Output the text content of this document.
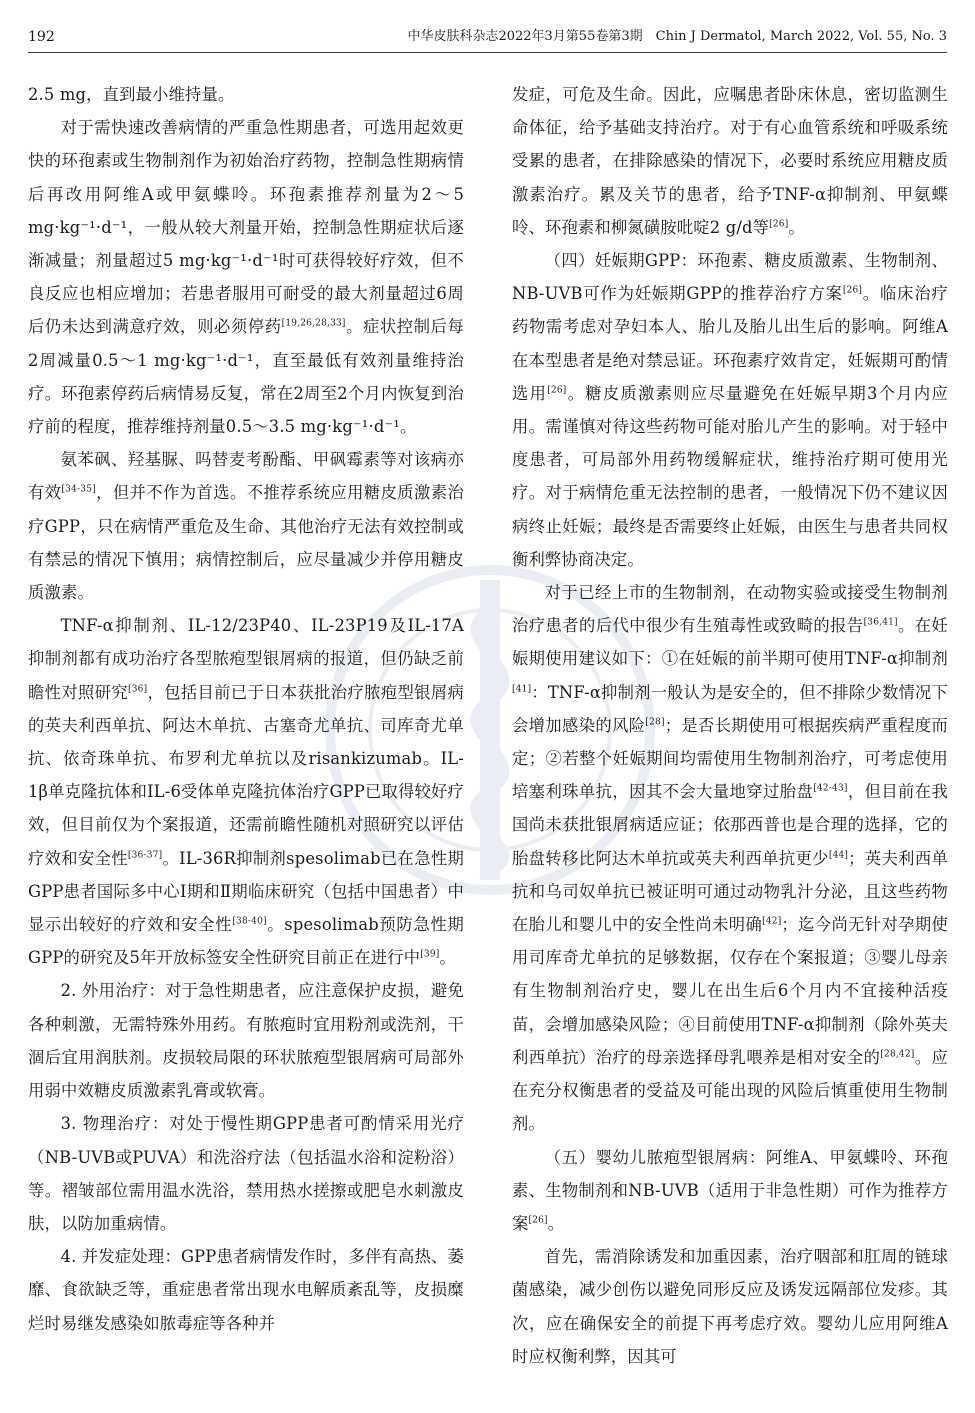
192	中华皮肤科杂志2022年3月第55卷第3期　Chin J Dermatol, March 2022, Vol. 55, No. 3

2.5 mg，直到最小维持量。

对于需快速改善病情的严重急性期患者，可选用起效更快的环孢素或生物制剂作为初始治疗药物，控制急性期病情后再改用阿维A或甲氨蝶呤。环孢素推荐剂量为2～5 mg·kg⁻¹·d⁻¹，一般从较大剂量开始，控制急性期症状后逐渐减量；剂量超过5 mg·kg⁻¹·d⁻¹时可获得较好疗效，但不良反应也相应增加；若患者服用可耐受的最大剂量超过6周后仍未达到满意疗效，则必须停药[19,26,28,33]。症状控制后每2周减量0.5～1 mg·kg⁻¹·d⁻¹，直至最低有效剂量维持治疗。环孢素停药后病情易反复，常在2周至2个月内恢复到治疗前的程度，推荐维持剂量0.5～3.5 mg·kg⁻¹·d⁻¹。

氨苯砜、羟基脲、吗替麦考酚酯、甲砜霉素等对该病亦有效[34-35]，但并不作为首选。不推荐系统应用糖皮质激素治疗GPP，只在病情严重危及生命、其他治疗无法有效控制或有禁忌的情况下慎用；病情控制后，应尽量减少并停用糖皮质激素。

TNF-α抑制剂、IL-12/23P40、IL-23P19及IL-17A抑制剂都有成功治疗各型脓疱型银屑病的报道，但仍缺乏前瞻性对照研究[36]，包括目前已于日本获批治疗脓疱型银屑病的英夫利西单抗、阿达木单抗、古塞奇尤单抗、司库奇尤单抗、依奇珠单抗、布罗利尤单抗以及risankizumab。IL-1β单克隆抗体和IL-6受体单克隆抗体治疗GPP已取得较好疗效，但目前仅为个案报道，还需前瞻性随机对照研究以评估疗效和安全性[36-37]。IL-36R抑制剂spesolimab已在急性期GPP患者国际多中心Ⅰ期和Ⅱ期临床研究（包括中国患者）中显示出较好的疗效和安全性[38-40]。spesolimab预防急性期GPP的研究及5年开放标签安全性研究目前正在进行中[39]。

2. 外用治疗：对于急性期患者，应注意保护皮损，避免各种刺激，无需特殊外用药。有脓疱时宜用粉剂或洗剂，干涸后宜用润肤剂。皮损较局限的环状脓疱型银屑病可局部外用弱中效糖皮质激素乳膏或软膏。

3. 物理治疗：对处于慢性期GPP患者可酌情采用光疗（NB-UVB或PUVA）和洗浴疗法（包括温水浴和淀粉浴）等。褶皱部位需用温水洗浴，禁用热水搓擦或肥皂水刺激皮肤，以防加重病情。

4. 并发症处理：GPP患者病情发作时，多伴有高热、萎靡、食欲缺乏等，重症患者常出现水电解质紊乱等，皮损糜烂时易继发感染如脓毒症等各种并

发症，可危及生命。因此，应嘱患者卧床休息，密切监测生命体征，给予基础支持治疗。对于有心血管系统和呼吸系统受累的患者，在排除感染的情况下，必要时系统应用糖皮质激素治疗。累及关节的患者，给予TNF-α抑制剂、甲氨蝶呤、环孢素和柳氮磺胺吡啶2 g/d等[26]。

（四）妊娠期GPP：环孢素、糖皮质激素、生物制剂、NB-UVB可作为妊娠期GPP的推荐治疗方案[26]。临床治疗药物需考虑对孕妇本人、胎儿及胎儿出生后的影响。阿维A在本型患者是绝对禁忌证。环孢素疗效肯定，妊娠期可酌情选用[26]。糖皮质激素则应尽量避免在妊娠早期3个月内应用。需谨慎对待这些药物可能对胎儿产生的影响。对于轻中度患者，可局部外用药物缓解症状，维持治疗期可使用光疗。对于病情危重无法控制的患者，一般情况下仍不建议因病终止妊娠；最终是否需要终止妊娠，由医生与患者共同权衡利弊协商决定。

对于已经上市的生物制剂，在动物实验或接受生物制剂治疗患者的后代中很少有生殖毒性或致畸的报告[36,41]。在妊娠期使用建议如下：①在妊娠的前半期可使用TNF-α抑制剂[41]：TNF-α抑制剂一般认为是安全的，但不排除少数情况下会增加感染的风险[28]；是否长期使用可根据疾病严重程度而定；②若整个妊娠期间均需使用生物制剂治疗，可考虑使用培塞利珠单抗，因其不会大量地穿过胎盘[42-43]，但目前在我国尚未获批银屑病适应证；依那西普也是合理的选择，它的胎盘转移比阿达木单抗或英夫利西单抗更少[44]；英夫利西单抗和乌司奴单抗已被证明可通过动物乳汁分泌，且这些药物在胎儿和婴儿中的安全性尚未明确[42]；迄今尚无针对孕期使用司库奇尤单抗的足够数据，仅存在个案报道；③婴儿母亲有生物制剂治疗史，婴儿在出生后6个月内不宜接种活疫苗，会增加感染风险；④目前使用TNF-α抑制剂（除外英夫利西单抗）治疗的母亲选择母乳喂养是相对安全的[28,42]。应在充分权衡患者的受益及可能出现的风险后慎重使用生物制剂。

（五）婴幼儿脓疱型银屑病：阿维A、甲氨蝶呤、环孢素、生物制剂和NB-UVB（适用于非急性期）可作为推荐方案[26]。

首先，需消除诱发和加重因素，治疗咽部和肛周的链球菌感染，减少创伤以避免同形反应及诱发远隔部位发疹。其次，应在确保安全的前提下再考虑疗效。婴幼儿应用阿维A时应权衡利弊，因其可
